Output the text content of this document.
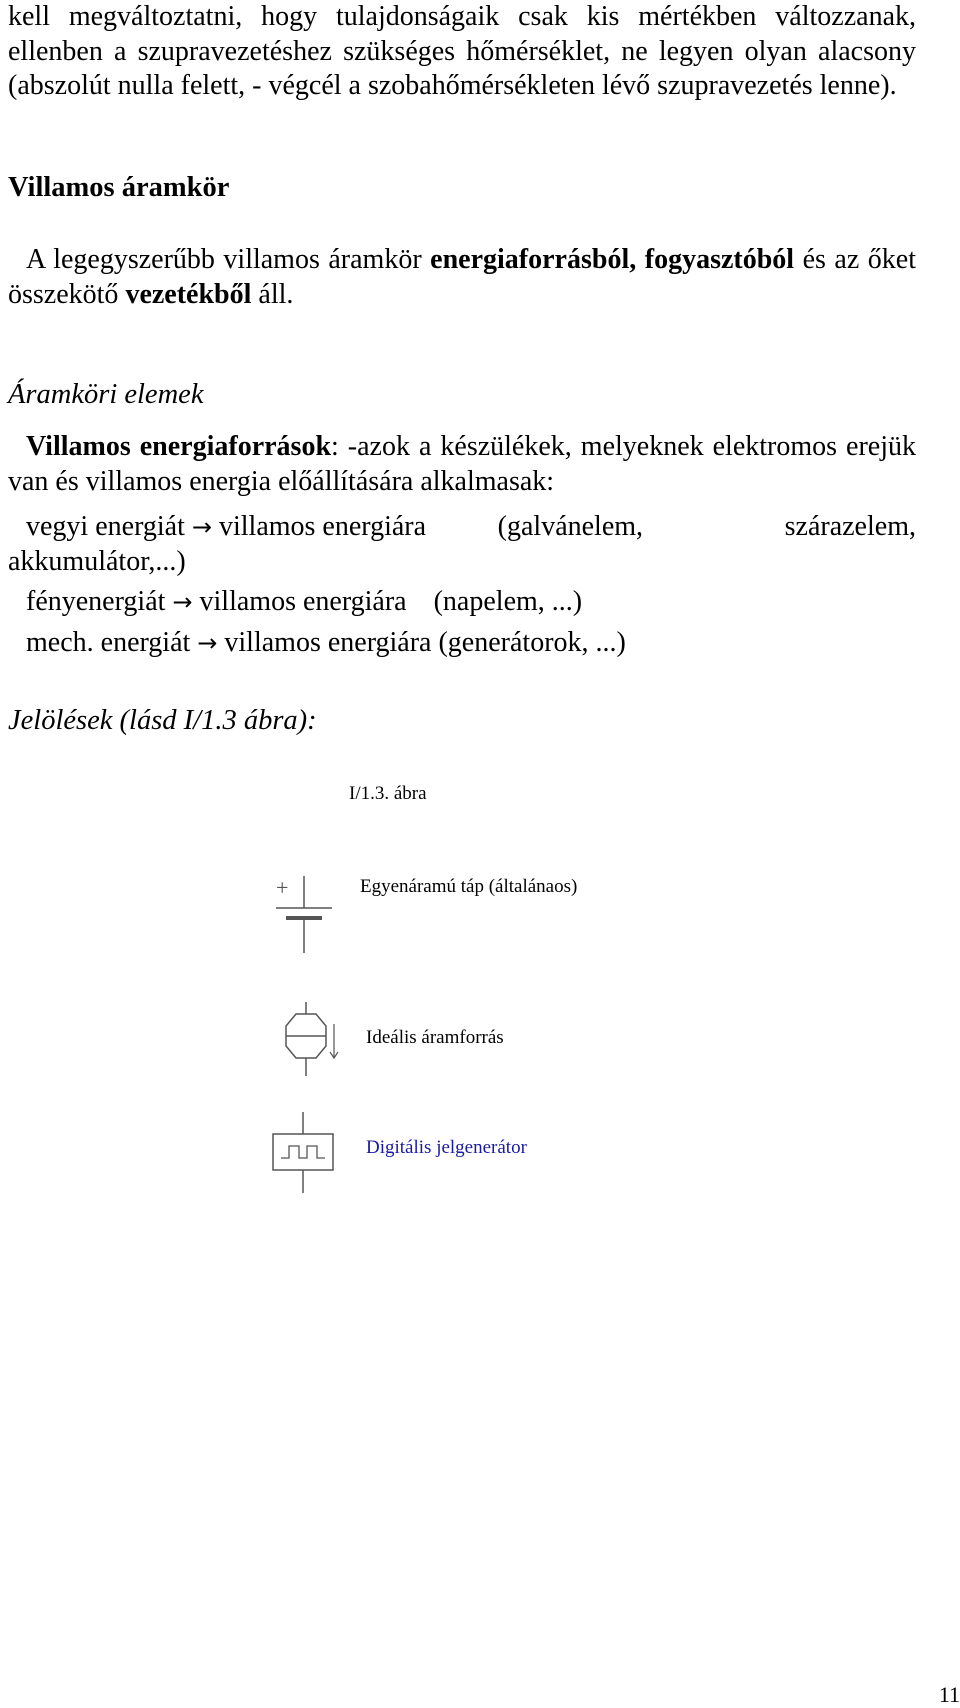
kell megváltoztatni, hogy tulajdonságaik csak kis mértékben változzanak, ellenben a szupravezetéshez szükséges hőmérséklet, ne legyen olyan alacsony (abszolút nulla felett, - végcél a szobahőmérsékleten lévő szupravezetés lenne).
Villamos áramkör
A legegyszerűbb villamos áramkör energiaforrásból, fogyasztóból és az őket összekötő vezetékből áll.
Áramköri elemek
Villamos energiaforrások: -azok a készülékek, melyeknek elektromos erejük van és villamos energia előállítására alkalmasak:
vegyi energiát → villamos energiára	(galvánelem,	szárazelem,
akkumulátor,...)
fényenergiát → villamos energiára (napelem, ...)
mech. energiát → villamos energiára (generátorok, ...)
Jelölések (lásd I/1.3 ábra):
I/1.3. ábra
+	Egyenáramú táp (általánaos)
Ideális áramforrás
Digitális jelgenerátor
11
